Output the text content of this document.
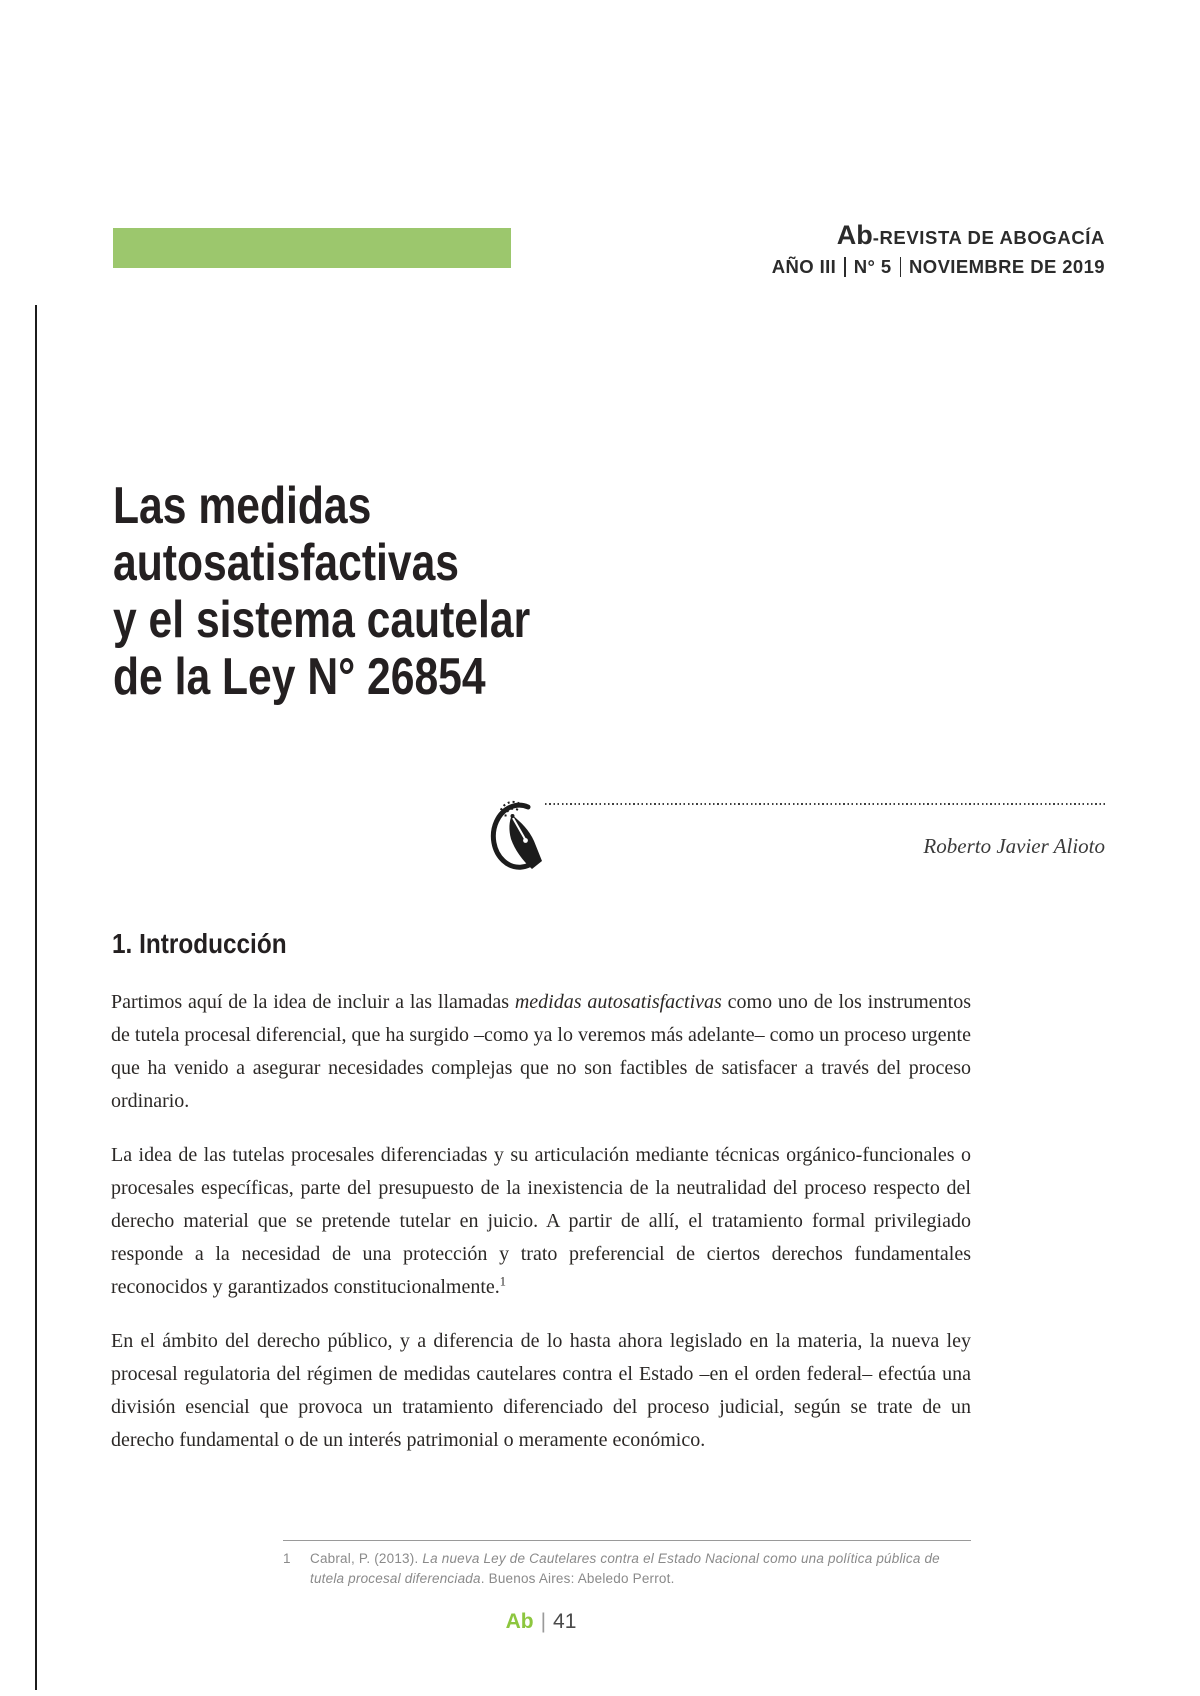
Ab-REVISTA DE ABOGACÍA
AÑO III N° 5 NOVIEMBRE DE 2019
Las medidas
autosatisfactivas
y el sistema cautelar
de la Ley N° 26854
Roberto Javier Alioto
1. Introducción

Partimos aquí de la idea de incluir a las llamadas medidas autosatisfactivas como uno de los instrumentos de tutela procesal diferencial, que ha surgido –como ya lo veremos más adelante– como un proceso urgente que ha venido a asegurar necesidades complejas que no son factibles de satisfacer a través del proceso ordinario.

La idea de las tutelas procesales diferenciadas y su articulación mediante técnicas orgánico-funcionales o procesales específicas, parte del presupuesto de la inexistencia de la neutralidad del proceso respecto del derecho material que se pretende tutelar en juicio. A partir de allí, el tratamiento formal privilegiado responde a la necesidad de una protección y trato preferencial de ciertos derechos fundamentales reconocidos y garantizados constitucionalmente.$^1$

En el ámbito del derecho público, y a diferencia de lo hasta ahora legislado en la materia, la nueva ley procesal regulatoria del régimen de medidas cautelares contra el Estado –en el orden federal– efectúa una división esencial que provoca un tratamiento diferenciado del proceso judicial, según se trate de un derecho fundamental o de un interés patrimonial o meramente económico.

1	Cabral, P. (2013). La nueva Ley de Cautelares contra el Estado Nacional como una política pública de tutela procesal diferenciada. Buenos Aires: Abeledo Perrot.
Ab | 41
